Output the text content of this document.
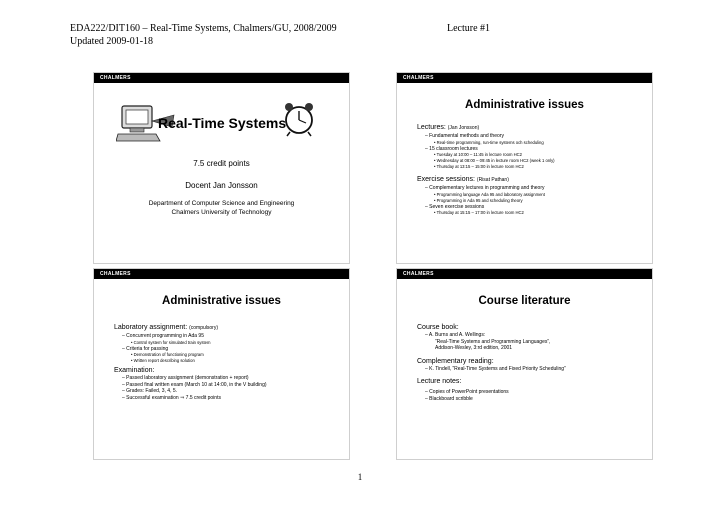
EDA222/DIT160 – Real-Time Systems, Chalmers/GU, 2008/2009	Lecture #1
Updated 2009-01-18
CHALMERS
Real-Time Systems
7.5 credit points
Docent Jan Jonsson
Department of Computer Science and Engineering
Chalmers University of Technology
CHALMERS
Administrative issues
Lectures: (Jan Jonsson)
– Fundamental methods and theory
• Real-time programming, run-time systems och scheduling
– 15 classroom lectures
• Tuesday at 10:00 – 11:45 in lecture room HC2
• Wednesday at 08:00 – 09:45 in lecture room HC2 (week 1 only)
• Thursday at 13:15 – 15:00 in lecture room HC2
Exercise sessions: (Risat Pathan)
– Complementary lectures in programming and theory
• Programming language Ada 95 and laboratory assignment
• Programming in Ada 95 and scheduling theory
– Seven exercise sessions
• Thursday at 15:15 – 17:00 in lecture room HC2
CHALMERS
Administrative issues
Laboratory assignment: (compulsory)
– Concurrent programming in Ada 95
• Control system for simulated train system
– Criteria for passing
• Demonstration of functioning program
• Written report describing solution
Examination:
– Passed laboratory assignment (demonstration + report)
– Passed final written exam (March 10 at 14:00, in the V building)
– Grades: Failed, 3, 4, 5.
– Successful examination ⇒ 7.5 credit points
CHALMERS
Course literature
Course book:
– A. Burns and A. Wellings:
“Real-Time Systems and Programming Languages”,
Addison-Wesley, 3:rd edition, 2001
Complementary reading:
– K. Tindell, “Real-Time Systems and Fixed Priority Scheduling”
Lecture notes:
– Copies of PowerPoint presentations
– Blackboard scribble
1
